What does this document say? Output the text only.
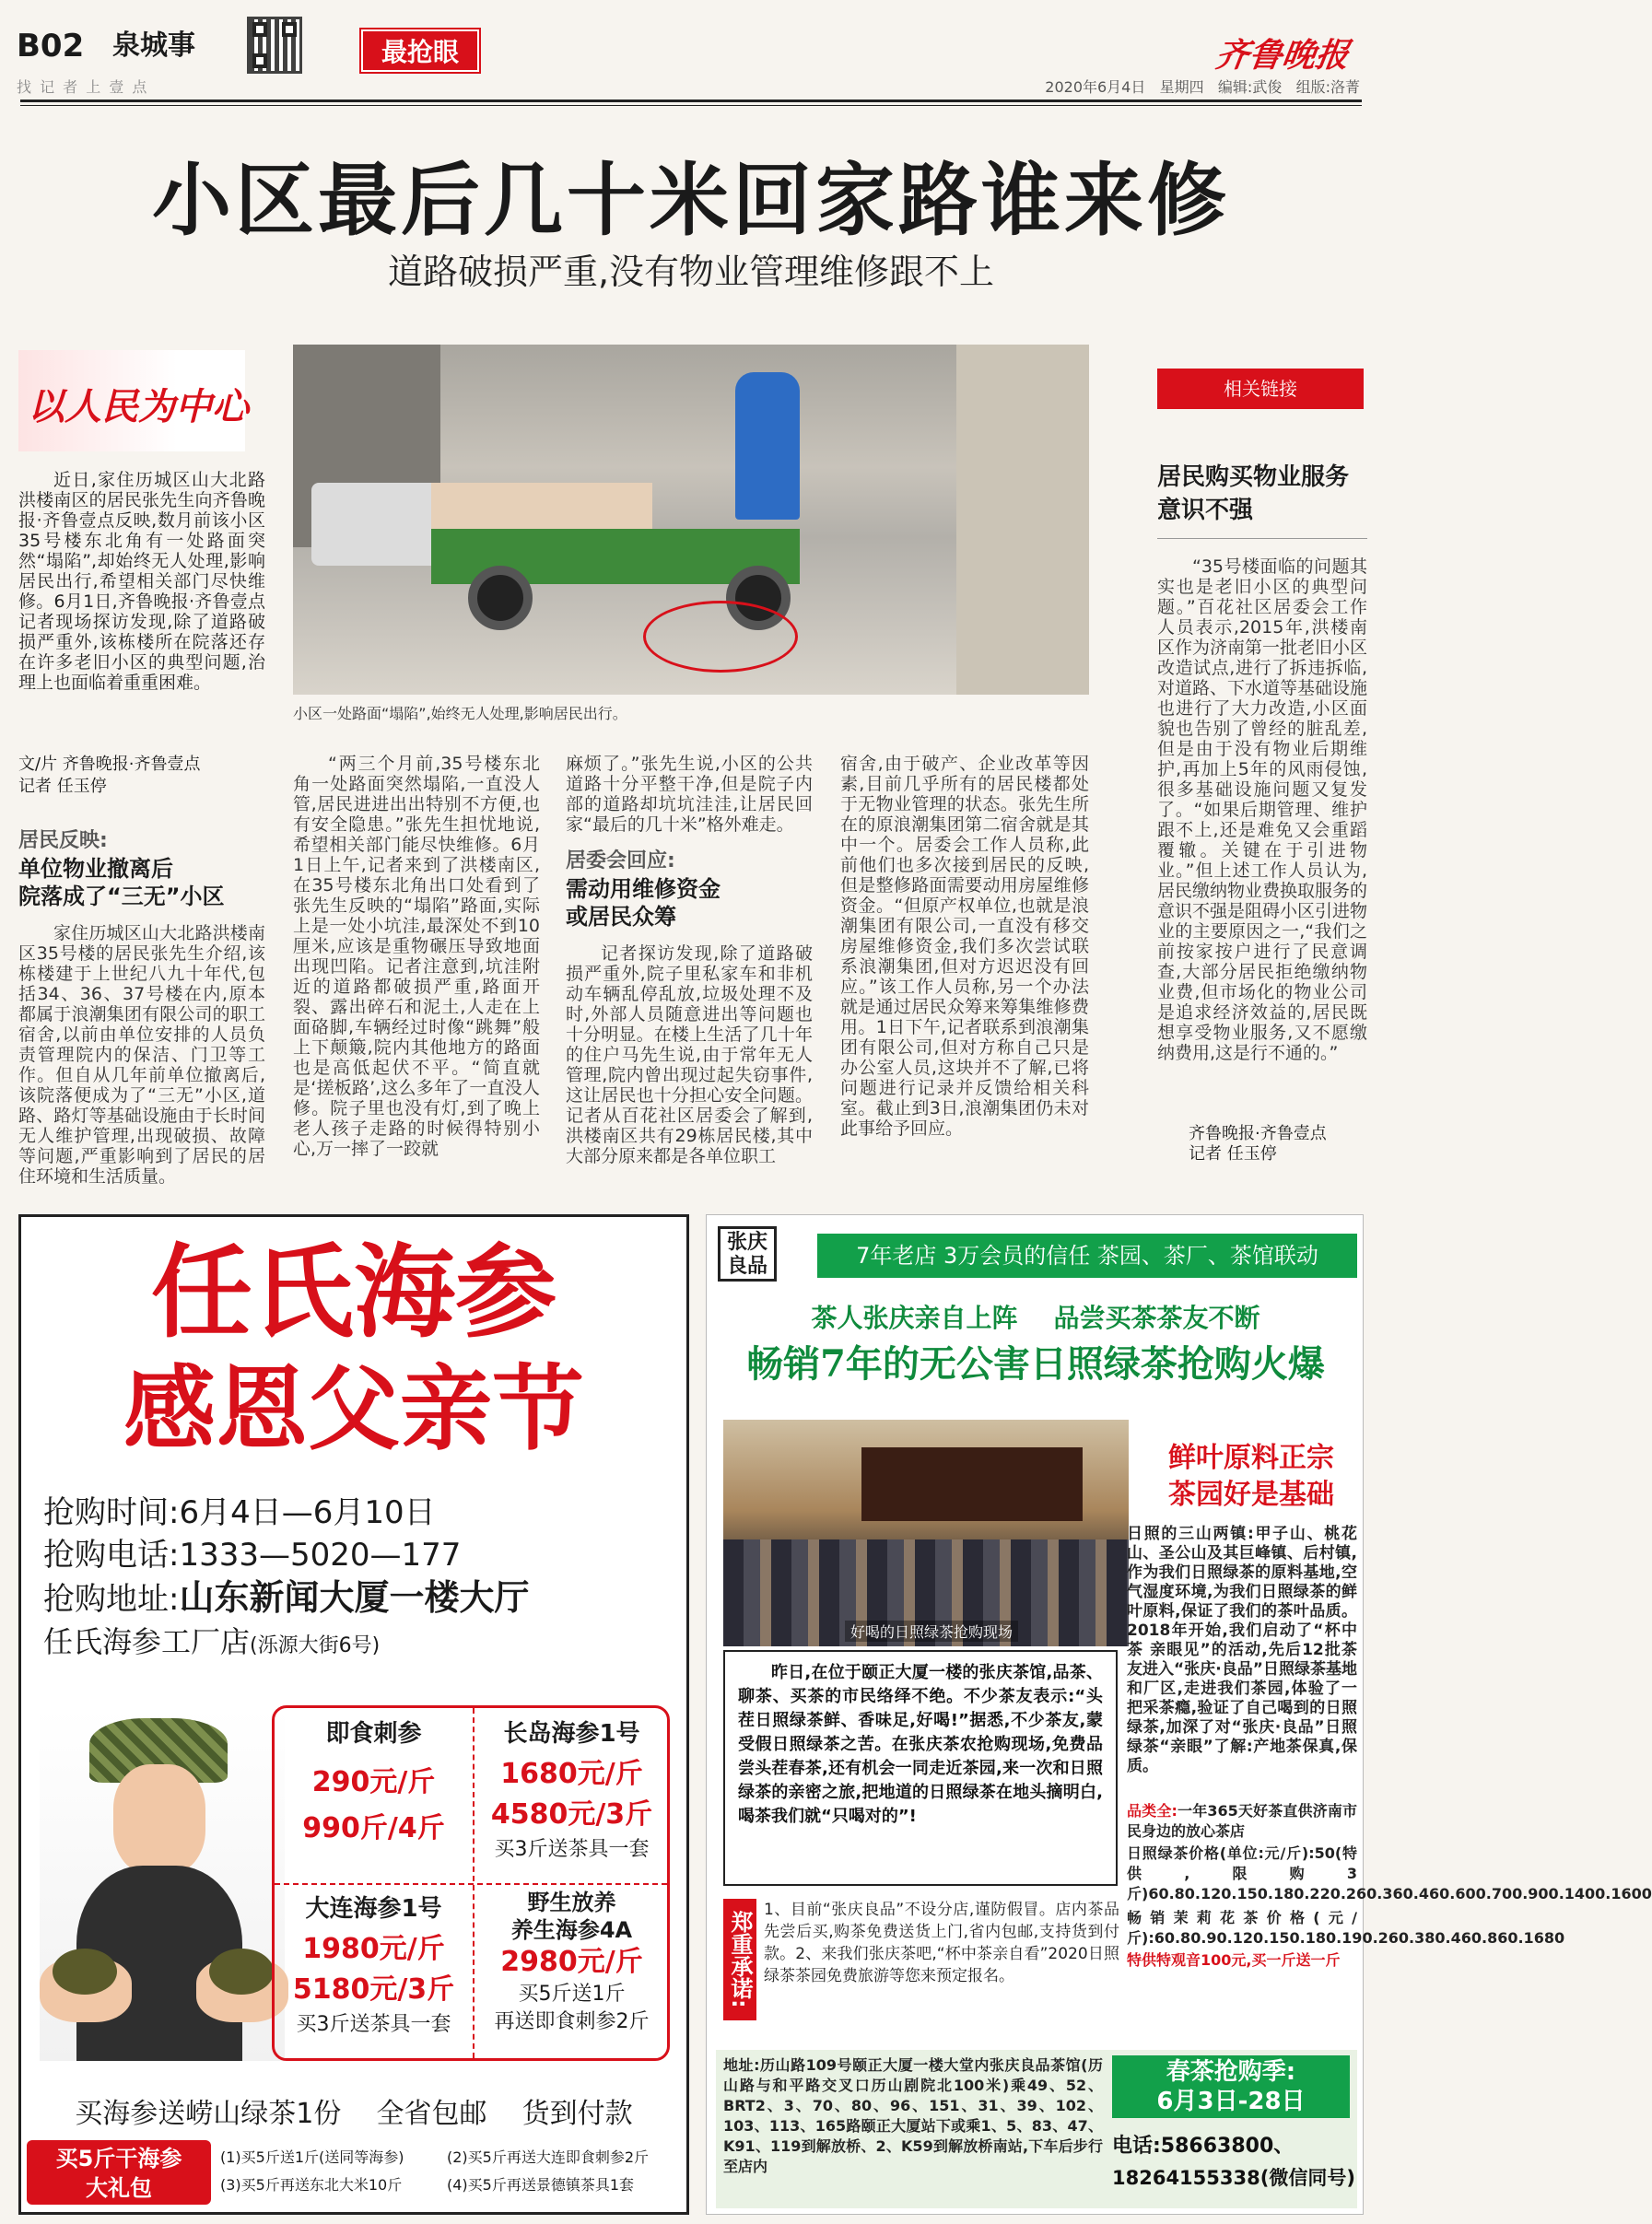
B02 泉城事	最抢眼
找 记 者 上 壹 点
齐鲁晚报
2020年6月4日 星期四 编辑:武俊 组版:洛菁
小区最后几十米回家路谁来修
道路破损严重,没有物业管理维修跟不上
以人民为中心
近日,家住历城区山大北路洪楼南区的居民张先生向齐鲁晚报·齐鲁壹点反映,数月前该小区35号楼东北角有一处路面突然“塌陷”,却始终无人处理,影响居民出行,希望相关部门尽快维修。6月1日,齐鲁晚报·齐鲁壹点记者现场探访发现,除了道路破损严重外,该栋楼所在院落还存在许多老旧小区的典型问题,治理上也面临着重重困难。
小区一处路面“塌陷”,始终无人处理,影响居民出行。
文/片 齐鲁晚报·齐鲁壹点
记者 任玉停
居民反映:
单位物业撤离后
院落成了“三无”小区
家住历城区山大北路洪楼南区35号楼的居民张先生介绍,该栋楼建于上世纪八九十年代,包括34、36、37号楼在内,原本都属于浪潮集团有限公司的职工宿舍,以前由单位安排的人员负责管理院内的保洁、门卫等工作。但自从几年前单位撤离后,该院落便成为了“三无”小区,道路、路灯等基础设施由于长时间无人维护管理,出现破损、故障等问题,严重影响到了居民的居住环境和生活质量。
“两三个月前,35号楼东北角一处路面突然塌陷,一直没人管,居民进进出出特别不方便,也有安全隐患。”张先生担忧地说,希望相关部门能尽快维修。6月1日上午,记者来到了洪楼南区,在35号楼东北角出口处看到了张先生反映的“塌陷”路面,实际上是一处小坑洼,最深处不到10厘米,应该是重物碾压导致地面出现凹陷。记者注意到,坑洼附近的道路都破损严重,路面开裂、露出碎石和泥土,人走在上面硌脚,车辆经过时像“跳舞”般上下颠簸,院内其他地方的路面也是高低起伏不平。“简直就是‘搓板路’,这么多年了一直没人修。院子里也没有灯,到了晚上老人孩子走路的时候得特别小心,万一摔了一跤就
麻烦了。”张先生说,小区的公共道路十分平整干净,但是院子内部的道路却坑坑洼洼,让居民回家“最后的几十米”格外难走。
居委会回应:
需动用维修资金
或居民众筹
记者探访发现,除了道路破损严重外,院子里私家车和非机动车辆乱停乱放,垃圾处理不及时,外部人员随意进出等问题也十分明显。在楼上生活了几十年的住户马先生说,由于常年无人管理,院内曾出现过起失窃事件,这让居民也十分担心安全问题。记者从百花社区居委会了解到,洪楼南区共有29栋居民楼,其中大部分原来都是各单位职工
宿舍,由于破产、企业改革等因素,目前几乎所有的居民楼都处于无物业管理的状态。张先生所在的原浪潮集团第二宿舍就是其中一个。居委会工作人员称,此前他们也多次接到居民的反映,但是整修路面需要动用房屋维修资金。“但原产权单位,也就是浪潮集团有限公司,一直没有移交房屋维修资金,我们多次尝试联系浪潮集团,但对方迟迟没有回应。”该工作人员称,另一个办法就是通过居民众筹来筹集维修费用。1日下午,记者联系到浪潮集团有限公司,但对方称自己只是办公室人员,这块并不了解,已将问题进行记录并反馈给相关科室。截止到3日,浪潮集团仍未对此事给予回应。
相关链接
居民购买物业服务
意识不强
“35号楼面临的问题其实也是老旧小区的典型问题。”百花社区居委会工作人员表示,2015年,洪楼南区作为济南第一批老旧小区改造试点,进行了拆违拆临,对道路、下水道等基础设施也进行了大力改造,小区面貌也告别了曾经的脏乱差,但是由于没有物业后期维护,再加上5年的风雨侵蚀,很多基础设施问题又复发了。“如果后期管理、维护跟不上,还是难免又会重蹈覆辙。关键在于引进物业。”但上述工作人员认为,居民缴纳物业费换取服务的意识不强是阻碍小区引进物业的主要原因之一,“我们之前按家按户进行了民意调查,大部分居民拒绝缴纳物业费,但市场化的物业公司是追求经济效益的,居民既想享受物业服务,又不愿缴纳费用,这是行不通的。”
齐鲁晚报·齐鲁壹点
记者 任玉停
任氏海参
感恩父亲节
抢购时间:6月4日—6月10日
抢购电话:1333—5020—177
抢购地址:山东新闻大厦一楼大厅
任氏海参工厂店(泺源大街6号)
即食刺参
290元/斤
990斤/4斤
长岛海参1号
1680元/斤
4580元/3斤
买3斤送茶具一套
大连海参1号
1980元/斤
5180元/3斤
买3斤送茶具一套
野生放养
养生海参4A
2980元/斤
买5斤送1斤
再送即食刺参2斤
买海参送崂山绿茶1份    全省包邮    货到付款
买5斤干海参
大礼包
(1)买5斤送1斤(送同等海参)	(2)买5斤再送大连即食刺参2斤 (3)买5斤再送东北大米10斤	(4)买5斤再送景德镇茶具1套
张庆
良品	7年老店 3万会员的信任 茶园、茶厂、茶馆联动
茶人张庆亲自上阵    品尝买茶茶友不断
畅销7年的无公害日照绿茶抢购火爆
好喝的日照绿茶抢购现场
鲜叶原料正宗
茶园好是基础
日照的三山两镇:甲子山、桃花山、圣公山及其巨峰镇、后村镇,作为我们日照绿茶的原料基地,空气湿度环境,为我们日照绿茶的鲜叶原料,保证了我们的茶叶品质。2018年开始,我们启动了“杯中茶 亲眼见”的活动,先后12批茶友进入“张庆·良品”日照绿茶基地和厂区,走进我们茶园,体验了一把采茶瘾,验证了自己喝到的日照绿茶,加深了对“张庆·良品”日照绿茶“亲眼”了解:产地茶保真,保质。
品类全:一年365天好茶直供济南市民身边的放心茶店
日照绿茶价格(单位:元/斤):50(特供,限购3斤)60.80.120.150.180.220.260.360.460.600.700.900.1400.1600
畅销茉莉花茶价格(元/斤):60.80.90.120.150.180.190.260.380.460.860.1680
特供特观音100元,买一斤送一斤
昨日,在位于颐正大厦一楼的张庆茶馆,品茶、聊茶、买茶的市民络绎不绝。不少茶友表示:“头茬日照绿茶鲜、香味足,好喝!”据悉,不少茶友,蒙受假日照绿茶之苦。在张庆茶农抢购现场,免费品尝头茬春茶,还有机会一同走近茶园,来一次和日照绿茶的亲密之旅,把地道的日照绿茶在地头摘明白,喝茶我们就“只喝对的”!
郑重承诺:
1、目前“张庆良品”不设分店,谨防假冒。店内茶品先尝后买,购茶免费送货上门,省内包邮,支持货到付款。2、来我们张庆茶吧,“杯中茶亲自看”2020日照绿茶茶园免费旅游等您来预定报名。
地址:历山路109号颐正大厦一楼大堂内张庆良品茶馆(历山路与和平路交叉口历山剧院北100米)乘49、52、BRT2、3、70、80、96、151、31、39、102、103、113、165路颐正大厦站下或乘1、5、83、47、K91、119到解放桥、2、K59到解放桥南站,下车后步行至店内
春茶抢购季:
6月3日-28日
电话:58663800、
18264155338(微信同号)
